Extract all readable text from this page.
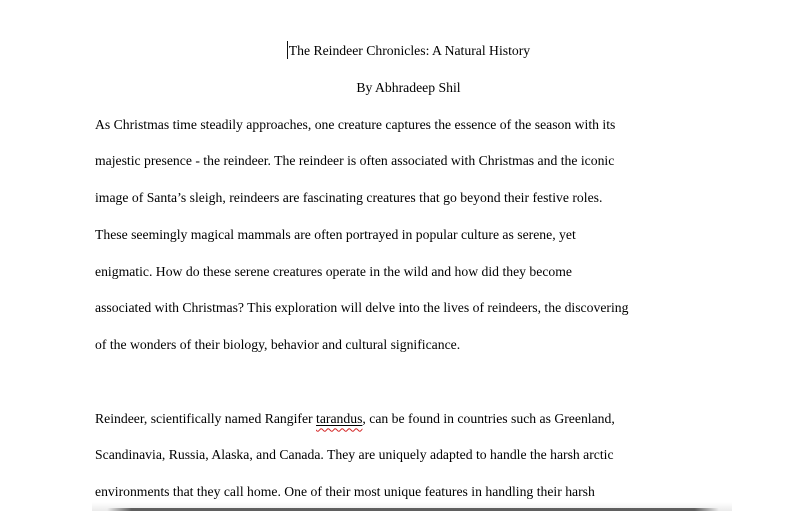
The Reindeer Chronicles: A Natural History
By Abhradeep Shil
As Christmas time steadily approaches, one creature captures the essence of the season with its
majestic presence - the reindeer. The reindeer is often associated with Christmas and the iconic
image of Santa’s sleigh, reindeers are fascinating creatures that go beyond their festive roles.
These seemingly magical mammals are often portrayed in popular culture as serene, yet
enigmatic. How do these serene creatures operate in the wild and how did they become
associated with Christmas? This exploration will delve into the lives of reindeers, the discovering
of the wonders of their biology, behavior and cultural significance.
Reindeer, scientifically named Rangifer tarandus, can be found in countries such as Greenland,
Scandinavia, Russia, Alaska, and Canada. They are uniquely adapted to handle the harsh arctic
environments that they call home. One of their most unique features in handling their harsh
